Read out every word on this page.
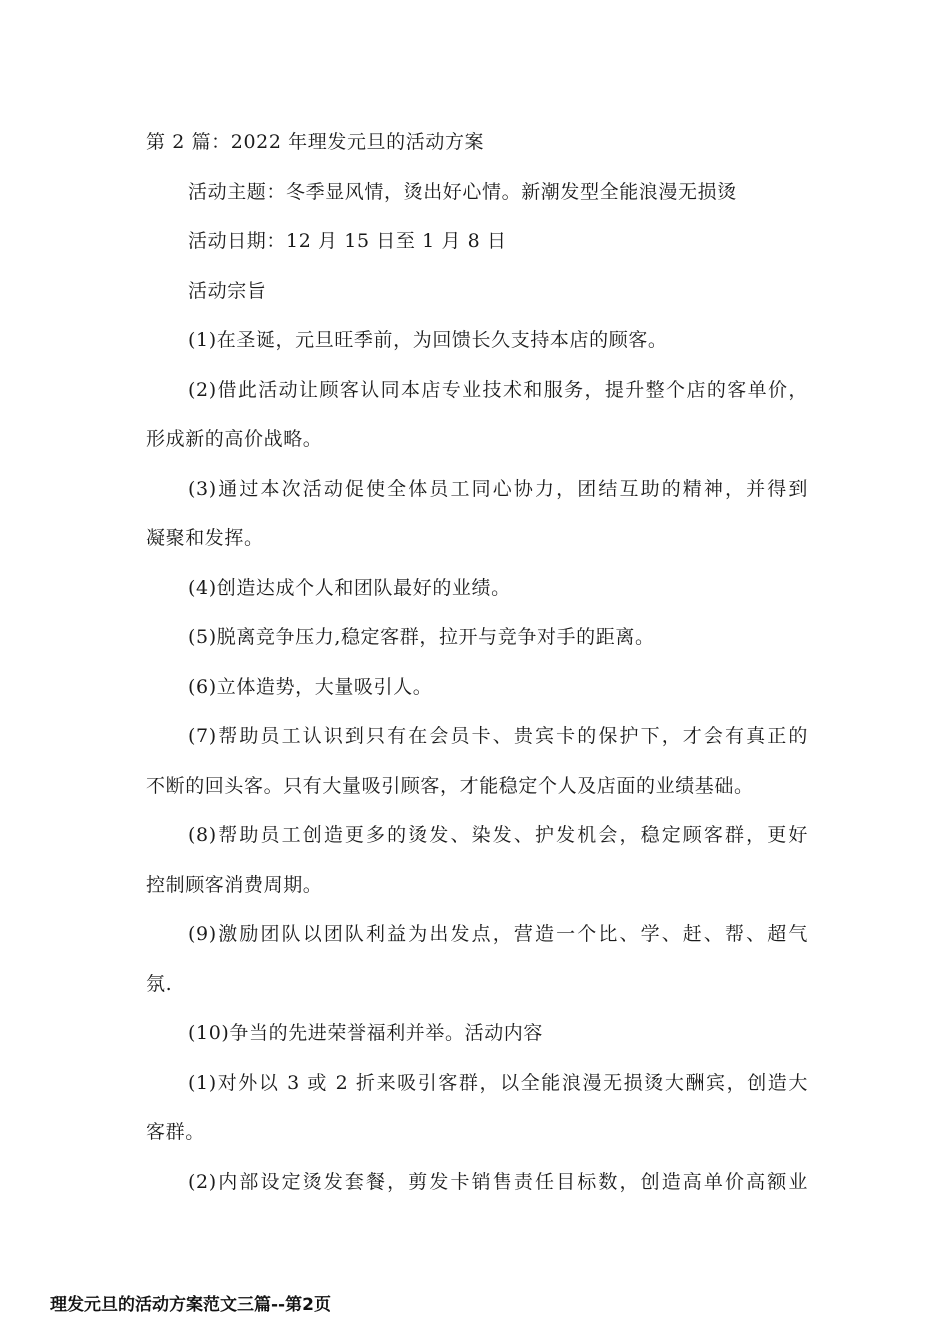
第 2 篇：2022 年理发元旦的活动方案
活动主题：冬季显风情，烫出好心情。新潮发型全能浪漫无损烫
活动日期：12 月 15 日至 1 月 8 日
活动宗旨
(1)在圣诞，元旦旺季前，为回馈长久支持本店的顾客。
(2)借此活动让顾客认同本店专业技术和服务，提升整个店的客单价，
形成新的高价战略。
(3)通过本次活动促使全体员工同心协力，团结互助的精神，并得到
凝聚和发挥。
(4)创造达成个人和团队最好的业绩。
(5)脱离竞争压力,稳定客群，拉开与竞争对手的距离。
(6)立体造势，大量吸引人。
(7)帮助员工认识到只有在会员卡、贵宾卡的保护下，才会有真正的
不断的回头客。只有大量吸引顾客，才能稳定个人及店面的业绩基础。
(8)帮助员工创造更多的烫发、染发、护发机会，稳定顾客群，更好
控制顾客消费周期。
(9)激励团队以团队利益为出发点，营造一个比、学、赶、帮、超气
氛.
(10)争当的先进荣誉福利并举。活动内容
(1)对外以 3 或 2 折来吸引客群，以全能浪漫无损烫大酬宾，创造大
客群。
(2)内部设定烫发套餐，剪发卡销售责任目标数，创造高单价高额业
理发元旦的活动方案范文三篇--第2页
